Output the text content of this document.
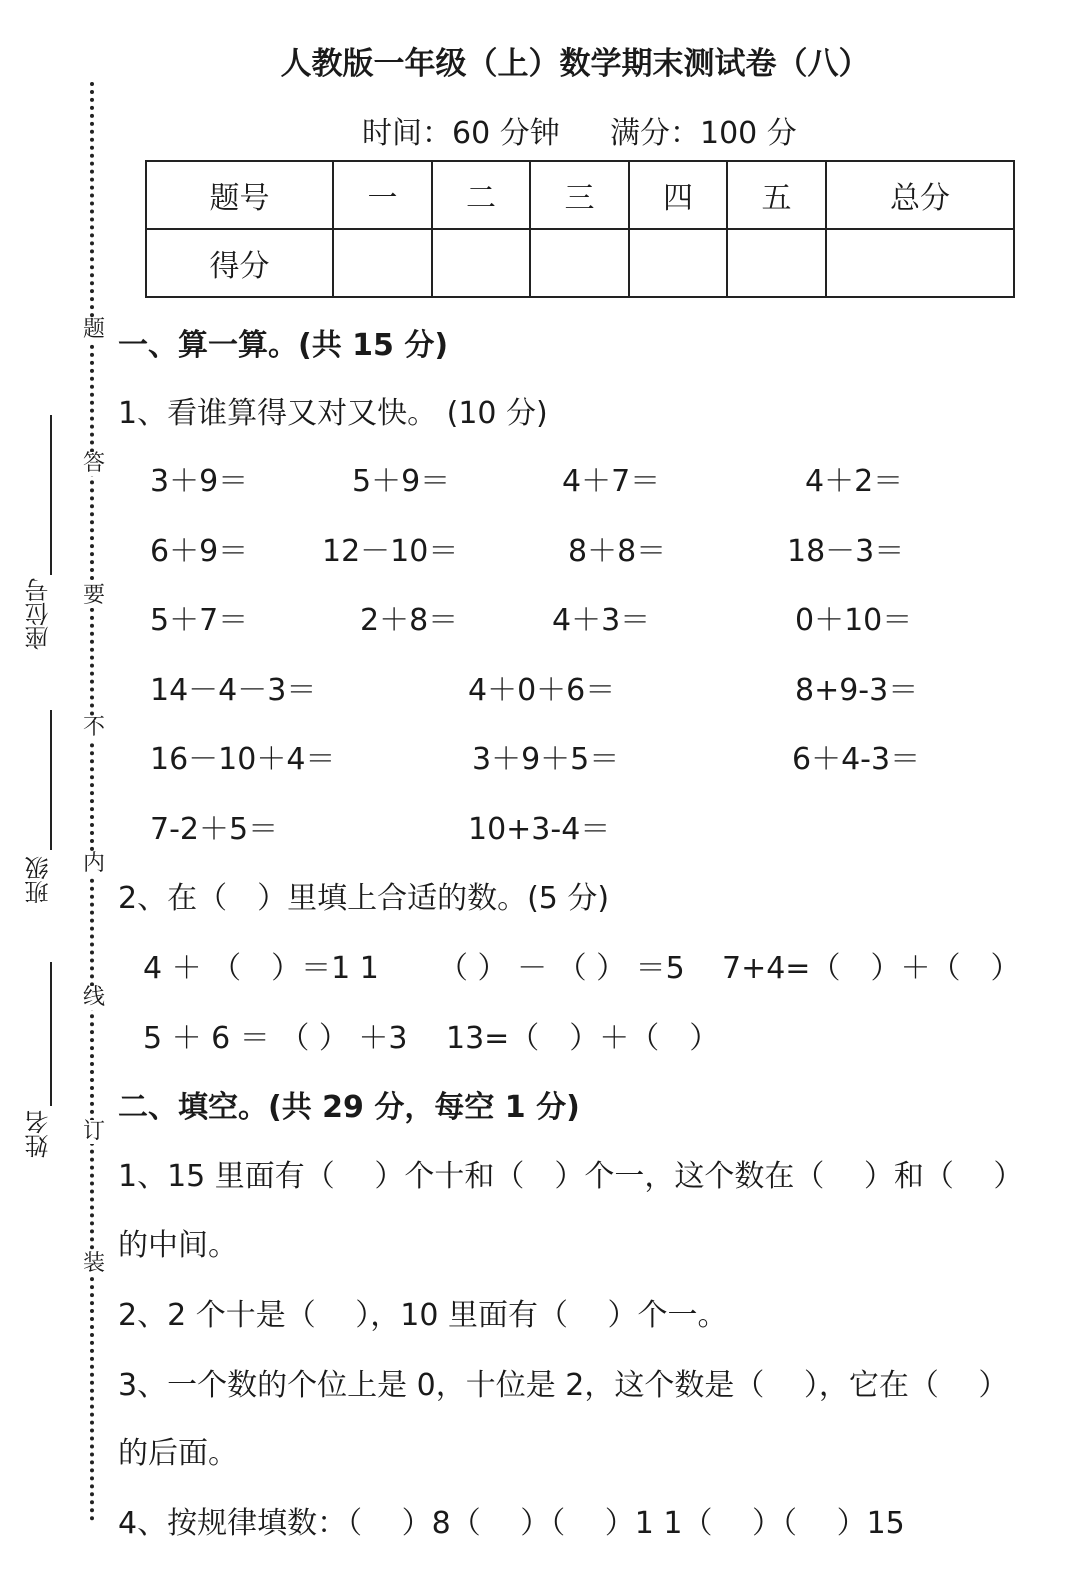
题
答
要
不
内
线
订
装
座位号
班级
姓名
人教版一年级（上）数学期末测试卷（八）
时间：60 分钟 满分：100 分
题号	一	二	三	四	五	总分
得分						
一、算一算。(共 15 分)
1、看谁算得又对又快。 (10 分)
3＋9＝	5＋9＝	4＋7＝	4＋2＝
6＋9＝ 12－10＝	8＋8＝	18－3＝
5＋7＝	2＋8＝	4＋3＝	0＋10＝
14－4－3＝	4＋0＋6＝	8+9-3＝
16－10＋4＝	3＋9＋5＝	6＋4-3＝
7-2＋5＝	10+3-4＝
2、在（　）里填上合适的数。(5 分)
4 ＋ （　）＝1 1 （ ） － （ ） ＝5 7+4=（　）＋（　）
5 ＋ 6 ＝ （ ） ＋3 13=（　）＋（　）
二、填空。(共 29 分，每空 1 分)
1、15 里面有（　 ）个十和（　）个一，这个数在（　 ）和（　 ）
的中间。
2、2 个十是（　 ），10 里面有（　 ）个一。
3、一个数的个位上是 0，十位是 2，这个数是（　 ），它在（　 ）
的后面。
4、按规律填数：（　 ）8（　 ）（　 ）1 1（　 ）（　 ）15
